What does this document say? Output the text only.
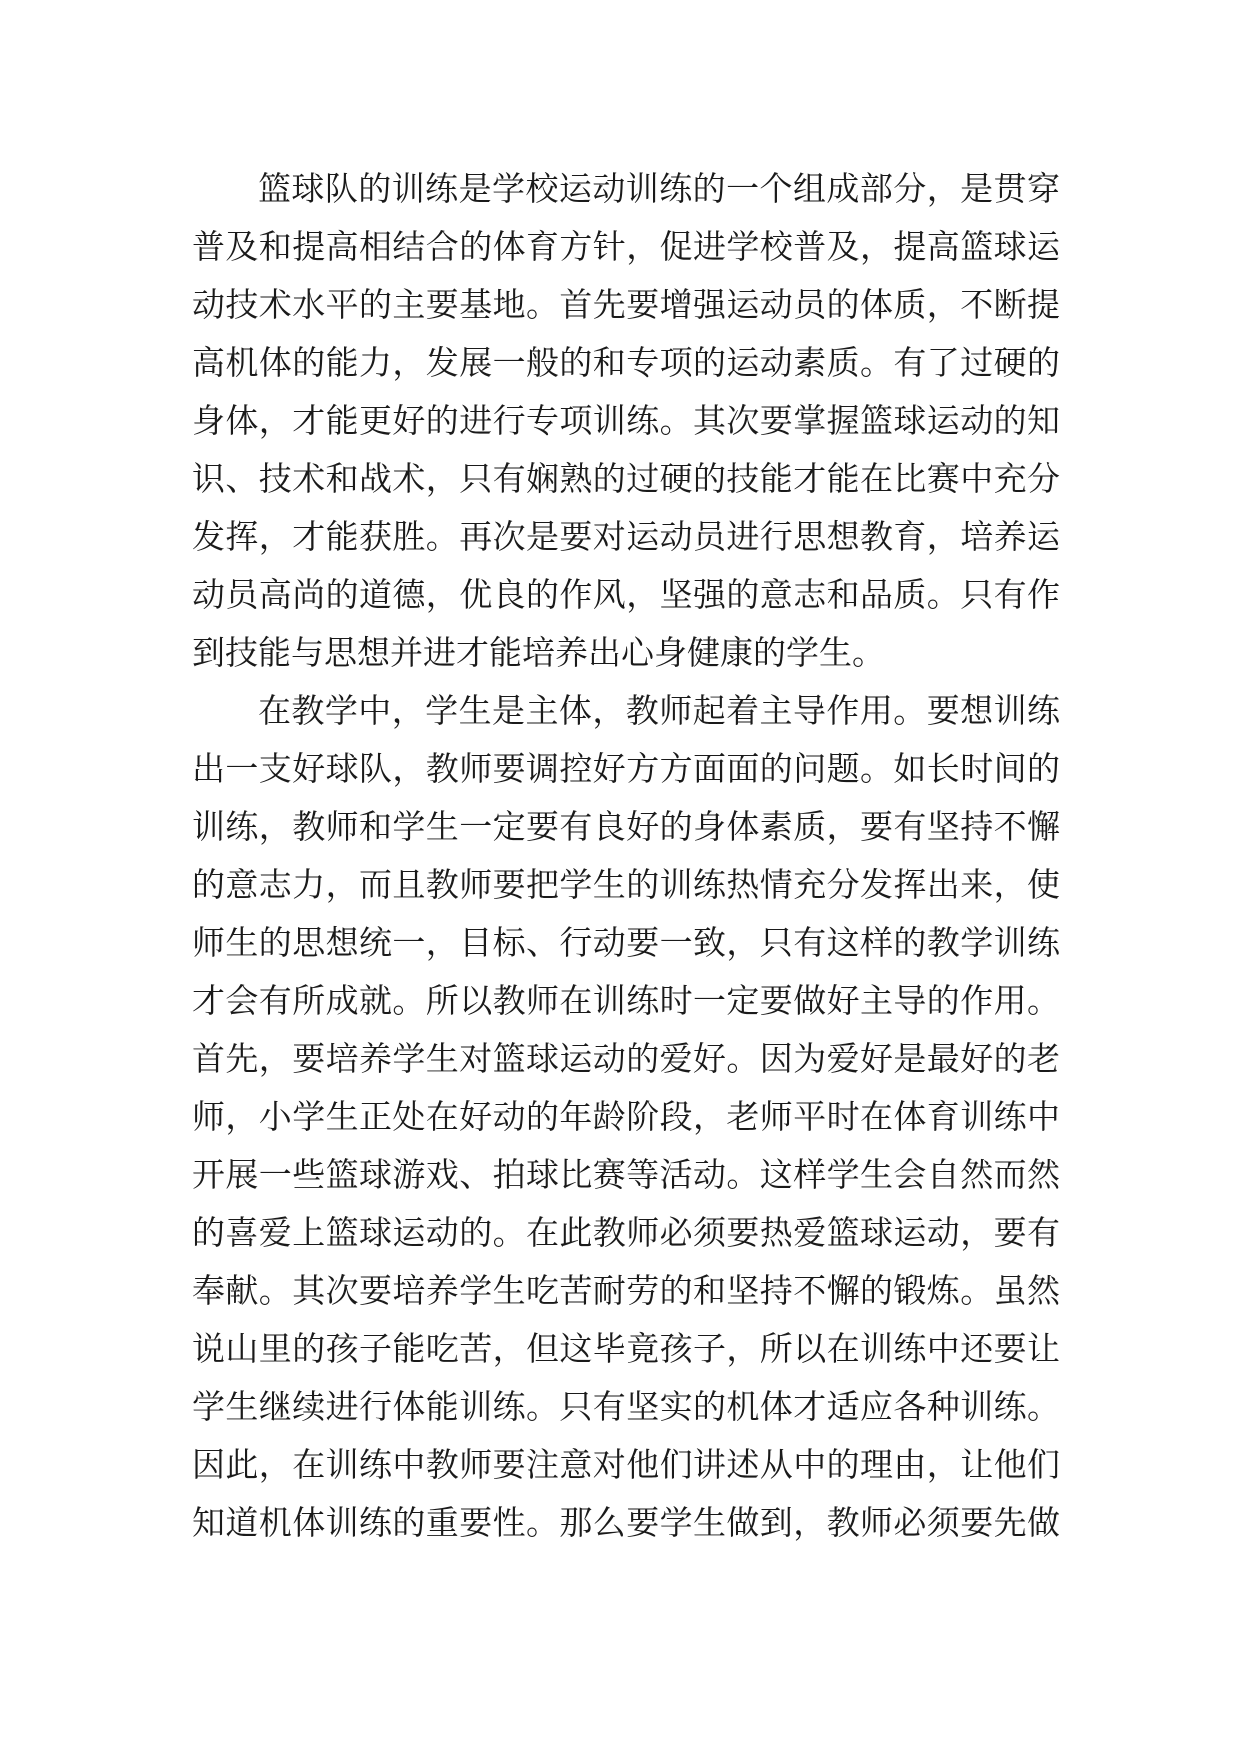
篮球队的训练是学校运动训练的一个组成部分，是贯穿
普及和提高相结合的体育方针，促进学校普及，提高篮球运
动技术水平的主要基地。首先要增强运动员的体质，不断提
高机体的能力，发展一般的和专项的运动素质。有了过硬的
身体，才能更好的进行专项训练。其次要掌握篮球运动的知
识、技术和战术，只有娴熟的过硬的技能才能在比赛中充分
发挥，才能获胜。再次是要对运动员进行思想教育，培养运
动员高尚的道德，优良的作风，坚强的意志和品质。只有作
到技能与思想并进才能培养出心身健康的学生。
在教学中，学生是主体，教师起着主导作用。要想训练
出一支好球队，教师要调控好方方面面的问题。如长时间的
训练，教师和学生一定要有良好的身体素质，要有坚持不懈
的意志力，而且教师要把学生的训练热情充分发挥出来，使
师生的思想统一，目标、行动要一致，只有这样的教学训练
才会有所成就。所以教师在训练时一定要做好主导的作用。
首先，要培养学生对篮球运动的爱好。因为爱好是最好的老
师，小学生正处在好动的年龄阶段，老师平时在体育训练中
开展一些篮球游戏、拍球比赛等活动。这样学生会自然而然
的喜爱上篮球运动的。在此教师必须要热爱篮球运动，要有
奉献。其次要培养学生吃苦耐劳的和坚持不懈的锻炼。虽然
说山里的孩子能吃苦，但这毕竟孩子，所以在训练中还要让
学生继续进行体能训练。只有坚实的机体才适应各种训练。
因此，在训练中教师要注意对他们讲述从中的理由，让他们
知道机体训练的重要性。那么要学生做到，教师必须要先做
